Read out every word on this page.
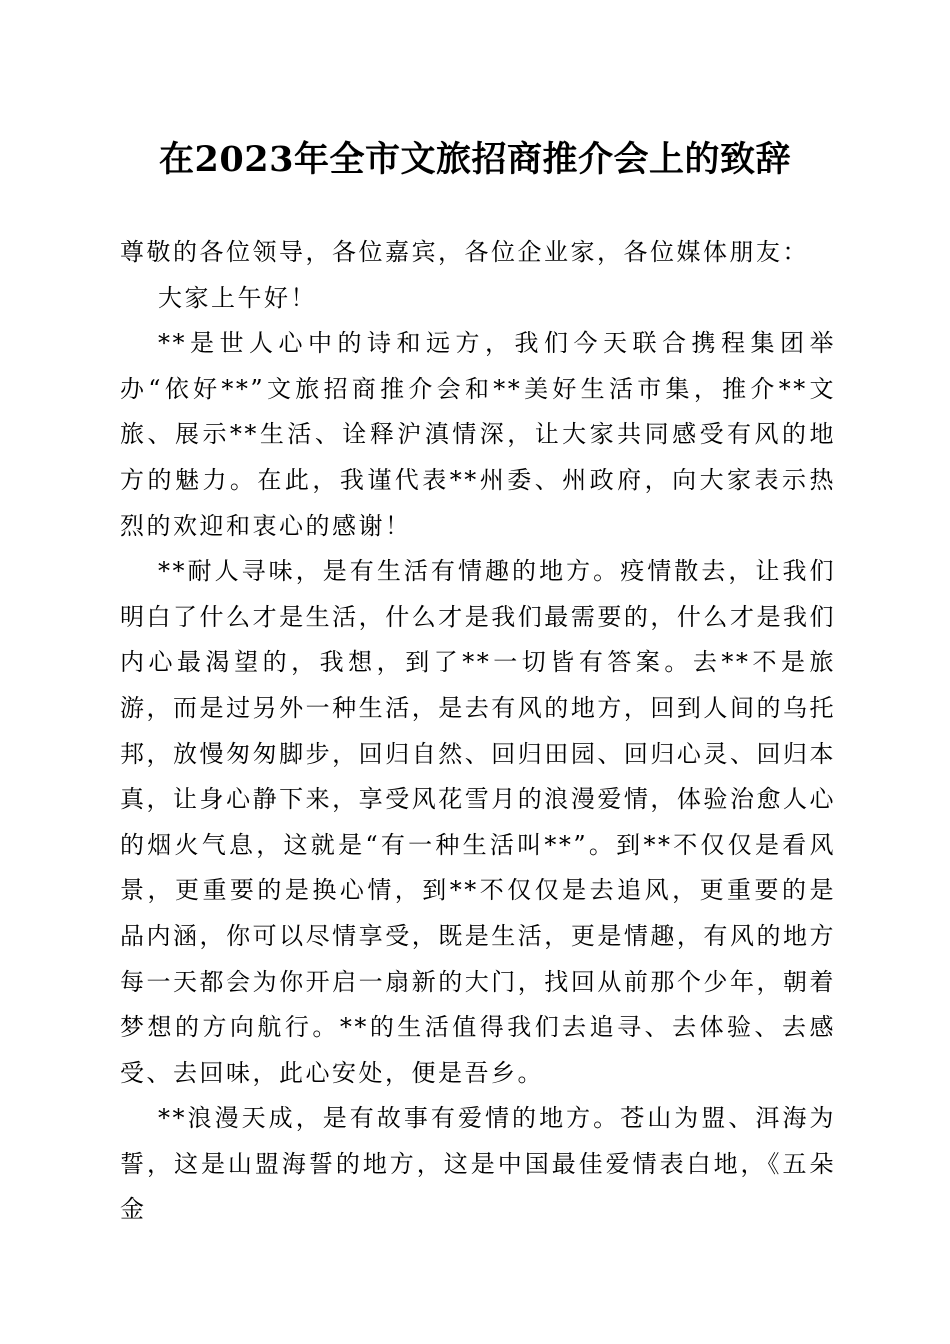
在2023年全市文旅招商推介会上的致辞

尊敬的各位领导，各位嘉宾，各位企业家，各位媒体朋友：

大家上午好！

**是世人心中的诗和远方，我们今天联合携程集团举办“依好**”文旅招商推介会和**美好生活市集，推介**文旅、展示**生活、诠释沪滇情深，让大家共同感受有风的地方的魅力。在此，我谨代表**州委、州政府，向大家表示热烈的欢迎和衷心的感谢！

**耐人寻味，是有生活有情趣的地方。疫情散去，让我们明白了什么才是生活，什么才是我们最需要的，什么才是我们内心最渴望的，我想，到了**一切皆有答案。去**不是旅游，而是过另外一种生活，是去有风的地方，回到人间的乌托邦，放慢匆匆脚步，回归自然、回归田园、回归心灵、回归本真，让身心静下来，享受风花雪月的浪漫爱情，体验治愈人心的烟火气息，这就是“有一种生活叫**”。到**不仅仅是看风景，更重要的是换心情，到**不仅仅是去追风，更重要的是品内涵，你可以尽情享受，既是生活，更是情趣，有风的地方每一天都会为你开启一扇新的大门，找回从前那个少年，朝着梦想的方向航行。**的生活值得我们去追寻、去体验、去感受、去回味，此心安处，便是吾乡。

**浪漫天成，是有故事有爱情的地方。苍山为盟、洱海为誓，这是山盟海誓的地方，这是中国最佳爱情表白地，《五朵金
